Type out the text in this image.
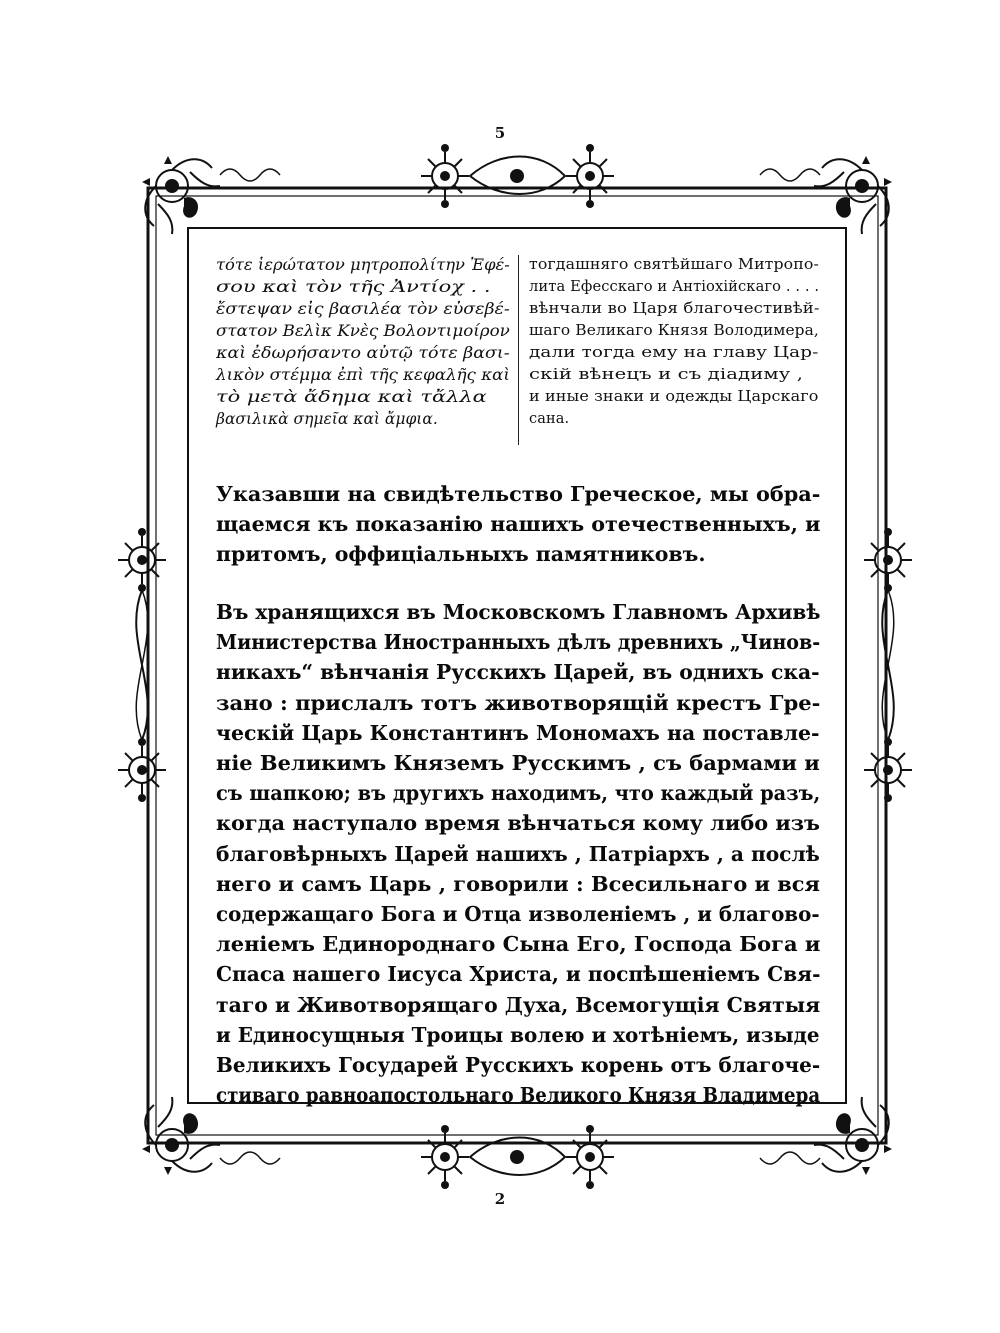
5
τότε ἱερώτατον μητροπολίτην Ἐφέ-
σου καὶ τὸν τῆς Ἀντίοχ . .
ἔστεψαν εἰς βασιλέα τὸν εὐσεβέ-
στατον Βελὶκ Κνὲς Βολοντιμοίρον
καὶ ἐδωρήσαντο αὐτῷ τότε βασι-
λικὸν στέμμα ἐπὶ τῆς κεφαλῆς καὶ
τὸ μετὰ ἄδημα καὶ τἄλλα
βασιλικὰ σημεῖα καὶ ἄμφια.
тогдашняго святѣйшаго Митропо-
лита Ефесскаго и Антіохійскаго . . . .
вѣнчали во Царя благочестивѣй-
шаго Великаго Князя Володимера,
дали тогда ему на главу Цар-
скій вѣнецъ и съ діадиму ,
и иные знаки и одежды Царскаго
сана.
Указавши на свидѣтельство Греческое, мы обра-
щаемся къ показанію нашихъ отечественныхъ, и
притомъ, оффиціальныхъ памятниковъ.
Въ хранящихся въ Московскомъ Главномъ Архивѣ
Министерства Иностранныхъ дѣлъ древнихъ „Чинов-
никахъ“ вѣнчанія Русскихъ Царей, въ однихъ ска-
зано : прислалъ тотъ животворящій крестъ Гре-
ческій Царь Константинъ Мономахъ на поставле-
ніе Великимъ Княземъ Русскимъ , съ бармами и
съ шапкою; въ другихъ находимъ, что каждый разъ,
когда наступало время вѣнчаться кому либо изъ
благовѣрныхъ Царей нашихъ , Патріархъ , а послѣ
него и самъ Царь , говорили : Всесильнаго и вся
содержащаго Бога и Отца изволеніемъ , и благово-
леніемъ Единороднаго Сына Его, Господа Бога и
Спаса нашего Іисуса Христа, и поспѣшеніемъ Свя-
таго и Животворящаго Духа, Всемогущія Святыя
и Единосущныя Троицы волею и хотѣніемъ, изыде
Великихъ Государей Русскихъ корень отъ благоче-
стиваго равноапостольнаго Великого Князя Владимера
2
